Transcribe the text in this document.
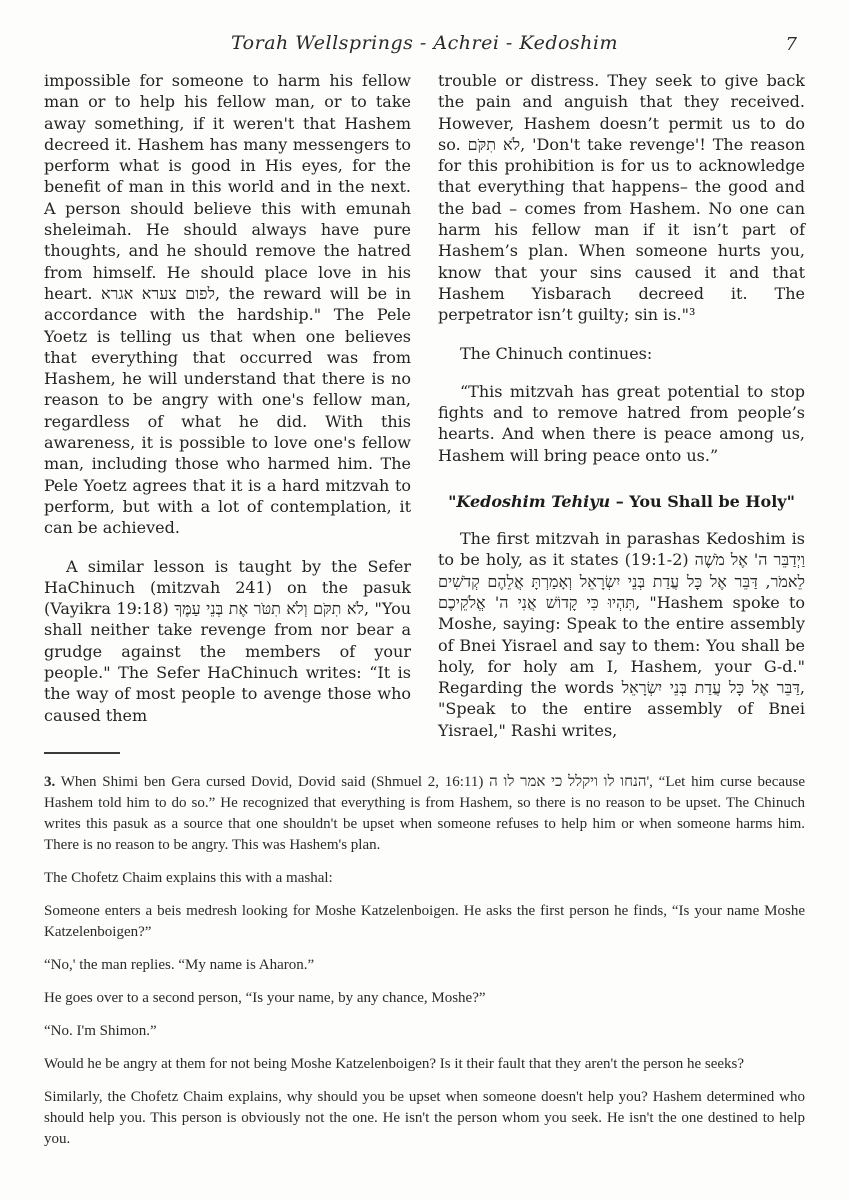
Torah Wellsprings - Achrei - Kedoshim	7

impossible for someone to harm his fellow man or to help his fellow man, or to take away something, if it weren't that Hashem decreed it. Hashem has many messengers to perform what is good in His eyes, for the benefit of man in this world and in the next. A person should believe this with emunah sheleimah. He should always have pure thoughts, and he should remove the hatred from himself. He should place love in his heart. לפום צערא אגרא, the reward will be in accordance with the hardship." The Pele Yoetz is telling us that when one believes that everything that occurred was from Hashem, he will understand that there is no reason to be angry with one's fellow man, regardless of what he did. With this awareness, it is possible to love one's fellow man, including those who harmed him. The Pele Yoetz agrees that it is a hard mitzvah to perform, but with a lot of contemplation, it can be achieved.

A similar lesson is taught by the Sefer HaChinuch (mitzvah 241) on the pasuk (Vayikra 19:18) לֹא תִקֹּם וְלֹא תִטֹּר אֶת בְּנֵי עַמֶּךָ, "You shall neither take revenge from nor bear a grudge against the members of your people." The Sefer HaChinuch writes: “It is the way of most people to avenge those who caused them

trouble or distress. They seek to give back the pain and anguish that they received. However, Hashem doesn’t permit us to do so. לֹא תִקֹּם, 'Don't take revenge'! The reason for this prohibition is for us to acknowledge that everything that happens– the good and the bad – comes from Hashem. No one can harm his fellow man if it isn’t part of Hashem’s plan. When someone hurts you, know that your sins caused it and that Hashem Yisbarach decreed it. The perpetrator isn’t guilty; sin is."³

The Chinuch continues:

“This mitzvah has great potential to stop fights and to remove hatred from people’s hearts. And when there is peace among us, Hashem will bring peace onto us.”

"Kedoshim Tehiyu – You Shall be Holy"

The first mitzvah in parashas Kedoshim is to be holy, as it states (19:1-2) וַיְדַבֵּר ה' אֶל מֹשֶׁה לֵאמֹר, דַּבֵּר אֶל כָּל עֲדַת בְּנֵי יִשְׂרָאֵל וְאָמַרְתָּ אֲלֵהֶם קְדֹשִׁים תִּהְיוּ כִּי קָדוֹשׁ אֲנִי ה' אֱלֹקֵיכֶם, "Hashem spoke to Moshe, saying: Speak to the entire assembly of Bnei Yisrael and say to them: You shall be holy, for holy am I, Hashem, your G-d." Regarding the words דַּבֵּר אֶל כָּל עֲדַת בְּנֵי יִשְׂרָאֵל, "Speak to the entire assembly of Bnei Yisrael," Rashi writes,

3. When Shimi ben Gera cursed Dovid, Dovid said (Shmuel 2, 16:11) הנחו לו ויקלל כי אמר לו ה', “Let him curse because Hashem told him to do so.” He recognized that everything is from Hashem, so there is no reason to be upset. The Chinuch writes this pasuk as a source that one shouldn't be upset when someone refuses to help him or when someone harms him. There is no reason to be angry. This was Hashem's plan.

The Chofetz Chaim explains this with a mashal:

Someone enters a beis medresh looking for Moshe Katzelenboigen. He asks the first person he finds, “Is your name Moshe Katzelenboigen?”

“No,' the man replies. “My name is Aharon.”

He goes over to a second person, “Is your name, by any chance, Moshe?”

“No. I'm Shimon.”

Would he be angry at them for not being Moshe Katzelenboigen? Is it their fault that they aren't the person he seeks?

Similarly, the Chofetz Chaim explains, why should you be upset when someone doesn't help you? Hashem determined who should help you. This person is obviously not the one. He isn't the person whom you seek. He isn't the one destined to help you.
